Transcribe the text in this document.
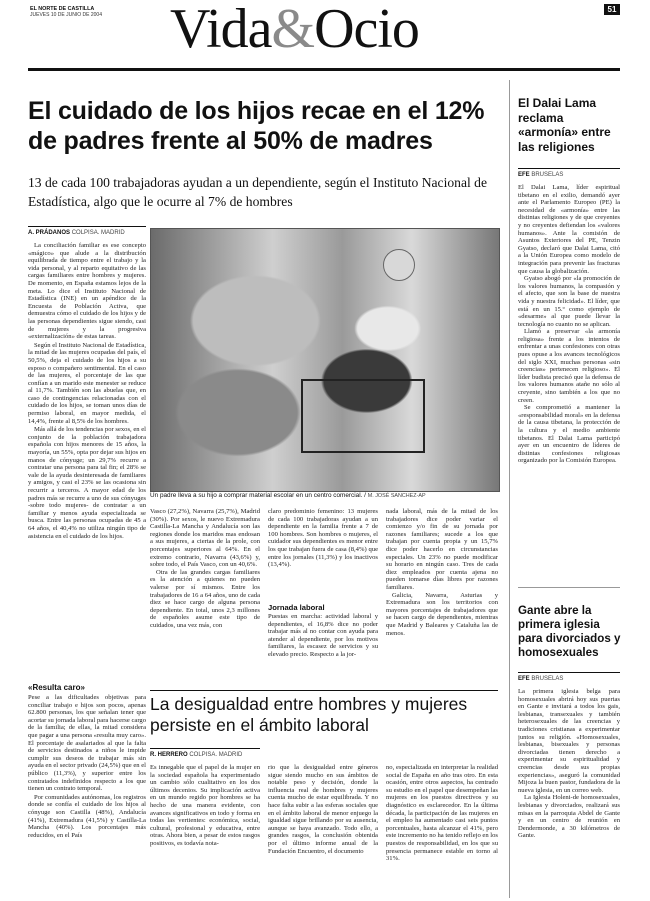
EL NORTE DE CASTILLA
JUEVES 10 DE JUNIO DE 2004 Vida&Ocio	51
El cuidado de los hijos recae en el 12% de padres frente al 50% de madres
13 de cada 100 trabajadoras ayudan a un dependiente, según el Instituto Nacional de Estadística, algo que le ocurre al 7% de hombres
A. PRÁDANOS COLPISA. MADRID

La conciliación familiar es ese concepto «mágico» que alude a la distribución equilibrada de tiempo entre el trabajo y la vida personal, y al reparto equitativo de las cargas familiares entre hombres y mujeres. De momento, en España estamos lejos de la meta. Lo dice el Instituto Nacional de Estadística (INE) en un apéndice de la Encuesta de Población Activa, que demuestra cómo el cuidado de los hijos y de las personas dependientes sigue siendo, casi de mujeres y la progresiva «externalización» de estas tareas.

Según el Instituto Nacional de Estadística, la mitad de las mujeres ocupadas del país, el 50,5%, deja el cuidado de los hijos a su esposo o compañero sentimental. En el caso de las mujeres, el porcentaje de las que confían a un marido este menester se reduce al 11,7%. También son las abuelas que, en caso de contingencias relacionadas con el cuidado de los hijos, se toman unos días de permiso laboral, en mayor medida, el 14,4%, frente al 8,5% de los hombres.

Más allá de los tendencias por sexos, en el conjunto de la población trabajadora española con hijos menores de 15 años, la mayoría, un 55%, opta por dejar sus hijos en manos de cónyuge; un 29,7% recurre a contratar una persona para tal fin; el 28% se vale de la ayuda desinteresada de familiares y amigos, y casi el 23% se las ocasiona sin recurrir a terceros. A mayor edad de los padres más se recurre a uno de sus cónyuges -sobre todo mujeres- de contratar a un familiar y menos ayuda especializada se busca. Entre las personas ocupadas de 45 a 64 años, el 40,4% no utiliza ningún tipo de asistencia en el cuidado de los hijos.

«Resulta caro»

Pese a las dificultades objetivas para conciliar trabajo e hijos son pocos, apenas 62.800 personas, los que señalan tener que acortar su jornada laboral para hacerse cargo de la familia; de ellas, la mitad considera que pagar a una persona «resulta muy caro». El porcentaje de asalariados al que la falta de servicios destinados a niños le impide cumplir sus deseos de trabajar más sin ayuda en el sector privado (24,5%) que en el público (11,3%), y superior entre los contratados indefinidos respecto a los que tienen un contrato temporal.

Por comunidades autónomas, los registros donde se confía el cuidado de los hijos al cónyuge son Castilla (48%), Andalucía (41%), Extremadura (41,5%) y Castilla-La Mancha (40%). Los porcentajes más reducidos, en el País

Un padre lleva a su hijo a comprar material escolar en un centro comercial. / M. JOSÉ SANCHEZ-AP

Vasco (27,2%), Navarra (25,7%), Madrid (30%). Por sexos, le nuevo Extremadura Castilla-La Mancha y Andalucía son las regiones donde los maridos mas endosan a sus mujeres, a ciertas de la prole, con porcentajes superiores al 64%. En el extremo contrario, Navarra (43,6%) y, sobre todo, el País Vasco, con un 40,6%.

Otra de las grandes cargas familiares es la atención a quienes no pueden valerse por sí mismos. Entre los trabajadores de 16 a 64 años, uno de cada diez se hace cargo de alguna persona dependiente. En total, unos 2,3 millones de españoles asume este tipo de cuidados, una vez más, con

claro predominio femenino: 13 mujeres de cada 100 trabajadoras ayudan a un dependiente en la familia frente a 7 de 100 hombres. Son hombres o mujeres, el cuidador sus dependientes es menor entre los que trabajan fuera de casa (8,4%) que entre los jornales (11,3%) y los inactivos (13,4%).

Jornada laboral

Puestas en marcha: actividad laboral y dependientes, el 16,8% dice no poder trabajar más al no contar con ayuda para atender al dependiente, por los motivos familiares, la escasez de servicios y su elevado precio. Respecto a la jor-

nada laboral, más de la mitad de los trabajadores dice poder variar el comienzo y/o fin de su jornada por razones familiares; sucede a los que trabajan por cuenta propia y un 15,7% dice poder hacerlo en circunstancias especiales. Un 23% no puede modificar su horario en ningún caso. Tres de cada diez empleados por cuenta ajena no pueden tomarse días libres por razones familiares.

Galicia, Navarra, Asturias y Extremadura son los territorios con mayores porcentajes de trabajadores que se hacen cargo de dependientes, mientras que Madrid y Baleares y Cataluña las de menos.

La desigualdad entre hombres y mujeres persiste en el ámbito laboral
R. HERRERO COLPISA. MADRID
Es innegable que el papel de la mujer en la sociedad española ha experimentado un cambio sólo cualitativo en los dos últimos decenios. Su implicación activa en un mundo regido por hombres se ha hecho de una manera evidente, con avances significativos en todo y forma en todas las vertientes: económica, social, cultural, profesional y educativa, entre otras. Ahora bien, a pesar de estos rasgos positivos, es todavía nota-
rio que la desigualdad entre géneros sigue siendo mucho en sus ámbitos de notable peso y decisión, donde la influencia real de hombres y mujeres cuenta mucho de estar equilibrada. Y no hace falta subir a las esferas sociales que en el ámbito laboral de menor enjuego la igualdad sigue brillando por su ausencia, aunque se haya avanzado. Todo ello, a grandes rasgos, la conclusión obtenida por el último informe anual de la Fundación Encuentro, el documento
no, especializada en interpretar la realidad social de España en año tras otro. En esta ocasión, entre otros aspectos, ha centrado su estudio en el papel que desempeñan las mujeres en los puestos directivos y su diagnóstico es esclarecedor. En la última década, la participación de las mujeres en el empleo ha aumentado casi seis puntos porcentuales, hasta alcanzar el 41%, pero este incremento no ha tenido reflejo en los puestos de responsabilidad, en los que su presencia permanece estable en torno al 31%.
El Dalai Lama reclama «armonía» entre las religiones
EFE BRUSELAS

El Dalai Lama, líder espiritual tibetano en el exilio, demandó ayer ante el Parlamento Europeo (PE) la necesidad de «armonía» entre las distintas religiones y de que creyentes y no creyentes defiendan los «valores humanos». Ante la comisión de Asuntos Exteriores del PE, Tenzin Gyatso, declaró que Dalai Lama, citó a la Unión Europea como modelo de integración para prevenir las fracturas que causa la globalización.

Gyatso abogó por «la promoción de los valores humanos, la compasión y el afecto, que son la base de nuestra vida y nuestra felicidad». El líder, que está en un 15.º como ejemplo de «desarme» al que puede llevar la tecnología no cuanto no se aplican.

Llamó a preservar «la armonía religiosa» frente a los intentos de enfrentar a unas confesiones con otras pues opuse a los avances tecnológicos del siglo XXI, muchas personas «sin creencias» pertenecen religioso». El líder budista precisó que la defensa de los valores humanos atañe no sólo al creyente, sino también a los que no creen.

Se comprometió a mantener la «responsabilidad moral» en la defensa de la causa tibetana, la protección de la cultura y el medio ambiente tibetanos. El Dalai Lama participó ayer en un encuentro de líderes de distintas confesiones religiosas organizado por la Comisión Europea.

Gante abre la primera iglesia para divorciados y homosexuales
EFE BRUSELAS

La primera iglesia belga para homosexuales abrirá hoy sus puertas en Gante e invitará a todos los gais, lesbianas, transexuales y también heterosexuales de las creencias y tradiciones cristianas a experimentar juntos su religión. «Homosexuales, lesbianas, bisexuales y personas divorciadas tienen derecho a experimentar su espiritualidad y creencias desde sus propias experiencias», aseguró la comunidad Mijoza la buen pastor, fundadora de la nueva iglesia, en un correo web.

La Iglesia Holeni-de homosexuales, lesbianas y divorciados, realizará sus misas en la parroquia Abdel de Gante y en un centro de reunión en Dendermonde, a 30 kilómetros de Gante.
